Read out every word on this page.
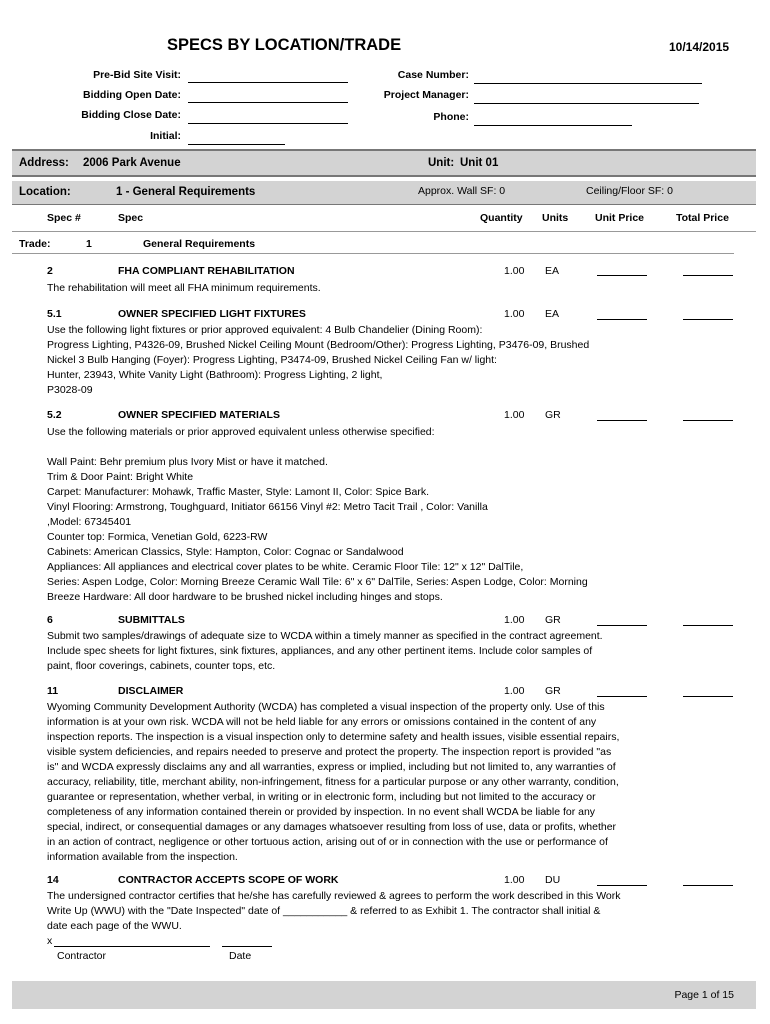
SPECS BY LOCATION/TRADE	10/14/2015
Pre-Bid Site Visit:
Bidding Open Date:
Bidding Close Date:
Initial:
Case Number:
Project Manager:
Phone:
Address: 2006 Park Avenue	Unit: Unit 01
Location:	1 - General Requirements	Approx. Wall SF: 0	Ceiling/Floor SF: 0
Spec #	Spec	Quantity Units	Unit Price	Total Price
Trade:	1	General Requirements
2	FHA COMPLIANT REHABILITATION	1.00 EA
The rehabilitation will meet all FHA minimum requirements.
5.1	OWNER SPECIFIED LIGHT FIXTURES	1.00 EA
Use the following light fixtures or prior approved equivalent: 4 Bulb Chandelier (Dining Room):
Progress Lighting, P4326-09, Brushed Nickel Ceiling Mount (Bedroom/Other): Progress Lighting, P3476-09, Brushed
Nickel 3 Bulb Hanging (Foyer): Progress Lighting, P3474-09, Brushed Nickel Ceiling Fan w/ light:
Hunter, 23943, White Vanity Light (Bathroom): Progress Lighting, 2 light,
P3028-09
5.2	OWNER SPECIFIED MATERIALS	1.00 GR
Use the following materials or prior approved equivalent unless otherwise specified:

Wall Paint: Behr premium plus Ivory Mist or have it matched.
Trim & Door Paint: Bright White
Carpet: Manufacturer: Mohawk, Traffic Master, Style: Lamont II, Color: Spice Bark.
Vinyl Flooring: Armstrong, Toughguard, Initiator 66156 Vinyl #2: Metro Tacit Trail , Color: Vanilla
,Model: 67345401
Counter top: Formica, Venetian Gold, 6223-RW
Cabinets: American Classics, Style: Hampton, Color: Cognac or Sandalwood
Appliances: All appliances and electrical cover plates to be white. Ceramic Floor Tile: 12" x 12" DalTile,
Series: Aspen Lodge, Color: Morning Breeze Ceramic Wall Tile: 6" x 6" DalTile, Series: Aspen Lodge, Color: Morning
Breeze Hardware: All door hardware to be brushed nickel including hinges and stops.
6	SUBMITTALS	1.00 GR
Submit two samples/drawings of adequate size to WCDA within a timely manner as specified in the contract agreement.
Include spec sheets for light fixtures, sink fixtures, appliances, and any other pertinent items. Include color samples of
paint, floor coverings, cabinets, counter tops, etc.
11	DISCLAIMER	1.00 GR
Wyoming Community Development Authority (WCDA) has completed a visual inspection of the property only. Use of this
information is at your own risk. WCDA will not be held liable for any errors or omissions contained in the content of any
inspection reports. The inspection is a visual inspection only to determine safety and health issues, visible essential repairs,
visible system deficiencies, and repairs needed to preserve and protect the property. The inspection report is provided "as
is" and WCDA expressly disclaims any and all warranties, express or implied, including but not limited to, any warranties of
accuracy, reliability, title, merchant ability, non-infringement, fitness for a particular purpose or any other warranty, condition,
guarantee or representation, whether verbal, in writing or in electronic form, including but not limited to the accuracy or
completeness of any information contained therein or provided by inspection. In no event shall WCDA be liable for any
special, indirect, or consequential damages or any damages whatsoever resulting from loss of use, data or profits, whether
in an action of contract, negligence or other tortuous action, arising out of or in connection with the use or performance of
information available from the inspection.
14	CONTRACTOR ACCEPTS SCOPE OF WORK	1.00 DU
The undersigned contractor certifies that he/she has carefully reviewed & agrees to perform the work described in this Work
Write Up (WWU) with the "Date Inspected" date of ___________ & referred to as Exhibit 1. The contractor shall initial &
date each page of the WWU.
x
Contractor	Date
Page 1 of 15
